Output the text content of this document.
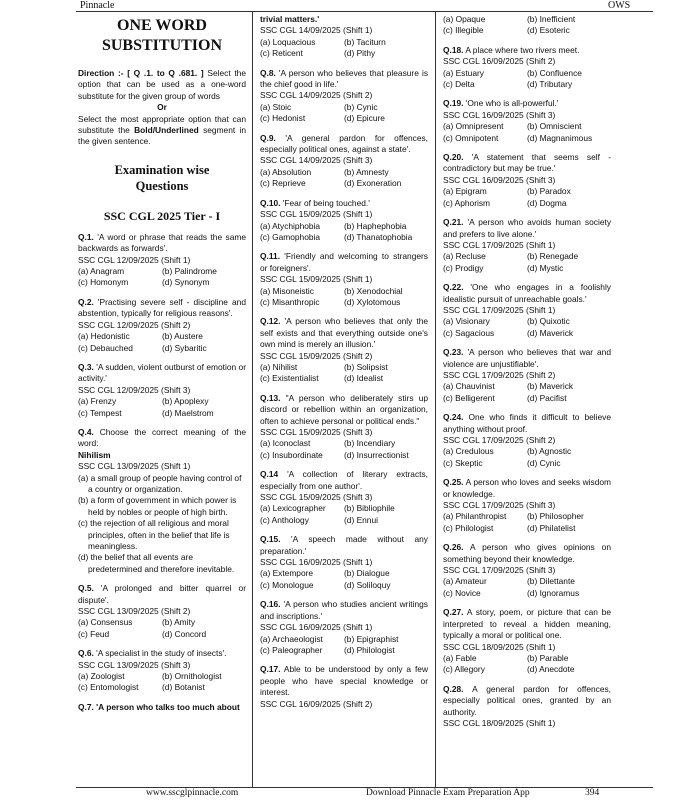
Pinnacle	OWS
ONE WORD
SUBSTITUTION
Direction :- [ Q .1. to Q .681. ] Select the option that can be used as a one-word substitute for the given group of words
Or
Select the most appropriate option that can substitute the Bold/Underlined segment in the given sentence.
Examination wise Questions
SSC CGL 2025 Tier - I
Q.1. 'A word or phrase that reads the same backwards as forwards'.
SSC CGL 12/09/2025 (Shift 1)
(a) Anagram	(b) Palindrome
(c) Homonym	(d) Synonym
Q.2. 'Practising severe self - discipline and abstention, typically for religious reasons'.
SSC CGL 12/09/2025 (Shift 2)
(a) Hedonistic	(b) Austere
(c) Debauched	(d) Sybaritic
Q.3. 'A sudden, violent outburst of emotion or activity.'
SSC CGL 12/09/2025 (Shift 3)
(a) Frenzy	(b) Apoplexy
(c) Tempest	(d) Maelstrom
Q.4. Choose the correct meaning of the word:
Nihilism
SSC CGL 13/09/2025 (Shift 1)
(a) a small group of people having control of a country or organization.
(b) a form of government in which power is held by nobles or people of high birth.
(c) the rejection of all religious and moral principles, often in the belief that life is meaningless.
(d) the belief that all events are predetermined and therefore inevitable.
Q.5. 'A prolonged and bitter quarrel or dispute'.
SSC CGL 13/09/2025 (Shift 2)
(a) Consensus	(b) Amity
(c) Feud	(d) Concord
Q.6. 'A specialist in the study of insects'.
SSC CGL 13/09/2025 (Shift 3)
(a) Zoologist	(b) Ornithologist
(c) Entomologist	(d) Botanist
Q.7. 'A person who talks too much about
trivial matters.'
SSC CGL 14/09/2025 (Shift 1)
(a) Loquacious	(b) Taciturn
(c) Reticent	(d) Pithy
Q.8. 'A person who believes that pleasure is the chief good in life.'
SSC CGL 14/09/2025 (Shift 2)
(a) Stoic	(b) Cynic
(c) Hedonist	(d) Epicure
Q.9. 'A general pardon for offences, especially political ones, against a state'.
SSC CGL 14/09/2025 (Shift 3)
(a) Absolution	(b) Amnesty
(c) Reprieve	(d) Exoneration
Q.10. 'Fear of being touched.'
SSC CGL 15/09/2025 (Shift 1)
(a) Atychiphobia	(b) Haphephobia
(c) Gamophobia	(d) Thanatophobia
Q.11. 'Friendly and welcoming to strangers or foreigners'.
SSC CGL 15/09/2025 (Shift 1)
(a) Misoneistic	(b) Xenodochial
(c) Misanthropic	(d) Xylotomous
Q.12. 'A person who believes that only the self exists and that everything outside one's own mind is merely an illusion.'
SSC CGL 15/09/2025 (Shift 2)
(a) Nihilist	(b) Solipsist
(c) Existentialist	(d) Idealist
Q.13. "A person who deliberately stirs up discord or rebellion within an organization, often to achieve personal or political ends."
SSC CGL 15/09/2025 (Shift 3)
(a) Iconoclast	(b) Incendiary
(c) Insubordinate	(d) Insurrectionist
Q.14 'A collection of literary extracts, especially from one author'.
SSC CGL 15/09/2025 (Shift 3)
(a) Lexicographer	(b) Bibliophile
(c) Anthology	(d) Ennui
Q.15. 'A speech made without any preparation.'
SSC CGL 16/09/2025 (Shift 1)
(a) Extempore	(b) Dialogue
(c) Monologue	(d) Soliloquy
Q.16. 'A person who studies ancient writings and inscriptions.'
SSC CGL 16/09/2025 (Shift 1)
(a) Archaeologist	(b) Epigraphist
(c) Paleographer	(d) Philologist
Q.17. Able to be understood by only a few people who have special knowledge or interest.
SSC CGL 16/09/2025 (Shift 2)
(a) Opaque	(b) Inefficient
(c) Illegible	(d) Esoteric
Q.18. A place where two rivers meet.
SSC CGL 16/09/2025 (Shift 2)
(a) Estuary	(b) Confluence
(c) Delta	(d) Tributary
Q.19. 'One who is all-powerful.'
SSC CGL 16/09/2025 (Shift 3)
(a) Omnipresent	(b) Omniscient
(c) Omnipotent	(d) Magnanimous
Q.20. 'A statement that seems self - contradictory but may be true.'
SSC CGL 16/09/2025 (Shift 3)
(a) Epigram	(b) Paradox
(c) Aphorism	(d) Dogma
Q.21. 'A person who avoids human society and prefers to live alone.'
SSC CGL 17/09/2025 (Shift 1)
(a) Recluse	(b) Renegade
(c) Prodigy	(d) Mystic
Q.22. 'One who engages in a foolishly idealistic pursuit of unreachable goals.'
SSC CGL 17/09/2025 (Shift 1)
(a) Visionary	(b) Quixotic
(c) Sagacious	(d) Maverick
Q.23. 'A person who believes that war and violence are unjustifiable'.
SSC CGL 17/09/2025 (Shift 2)
(a) Chauvinist	(b) Maverick
(c) Belligerent	(d) Pacifist
Q.24. One who finds it difficult to believe anything without proof.
SSC CGL 17/09/2025 (Shift 2)
(a) Credulous	(b) Agnostic
(c) Skeptic	(d) Cynic
Q.25. A person who loves and seeks wisdom or knowledge.
SSC CGL 17/09/2025 (Shift 3)
(a) Philanthropist	(b) Philosopher
(c) Philologist	(d) Philatelist
Q.26. A person who gives opinions on something beyond their knowledge.
SSC CGL 17/09/2025 (Shift 3)
(a) Amateur	(b) Dilettante
(c) Novice	(d) Ignoramus
Q.27. A story, poem, or picture that can be interpreted to reveal a hidden meaning, typically a moral or political one.
SSC CGL 18/09/2025 (Shift 1)
(a) Fable	(b) Parable
(c) Allegory	(d) Anecdote
Q.28. A general pardon for offences, especially political ones, granted by an authority.
SSC CGL 18/09/2025 (Shift 1)
www.sscglpinnacle.com	Download Pinnacle Exam Preparation App	394
